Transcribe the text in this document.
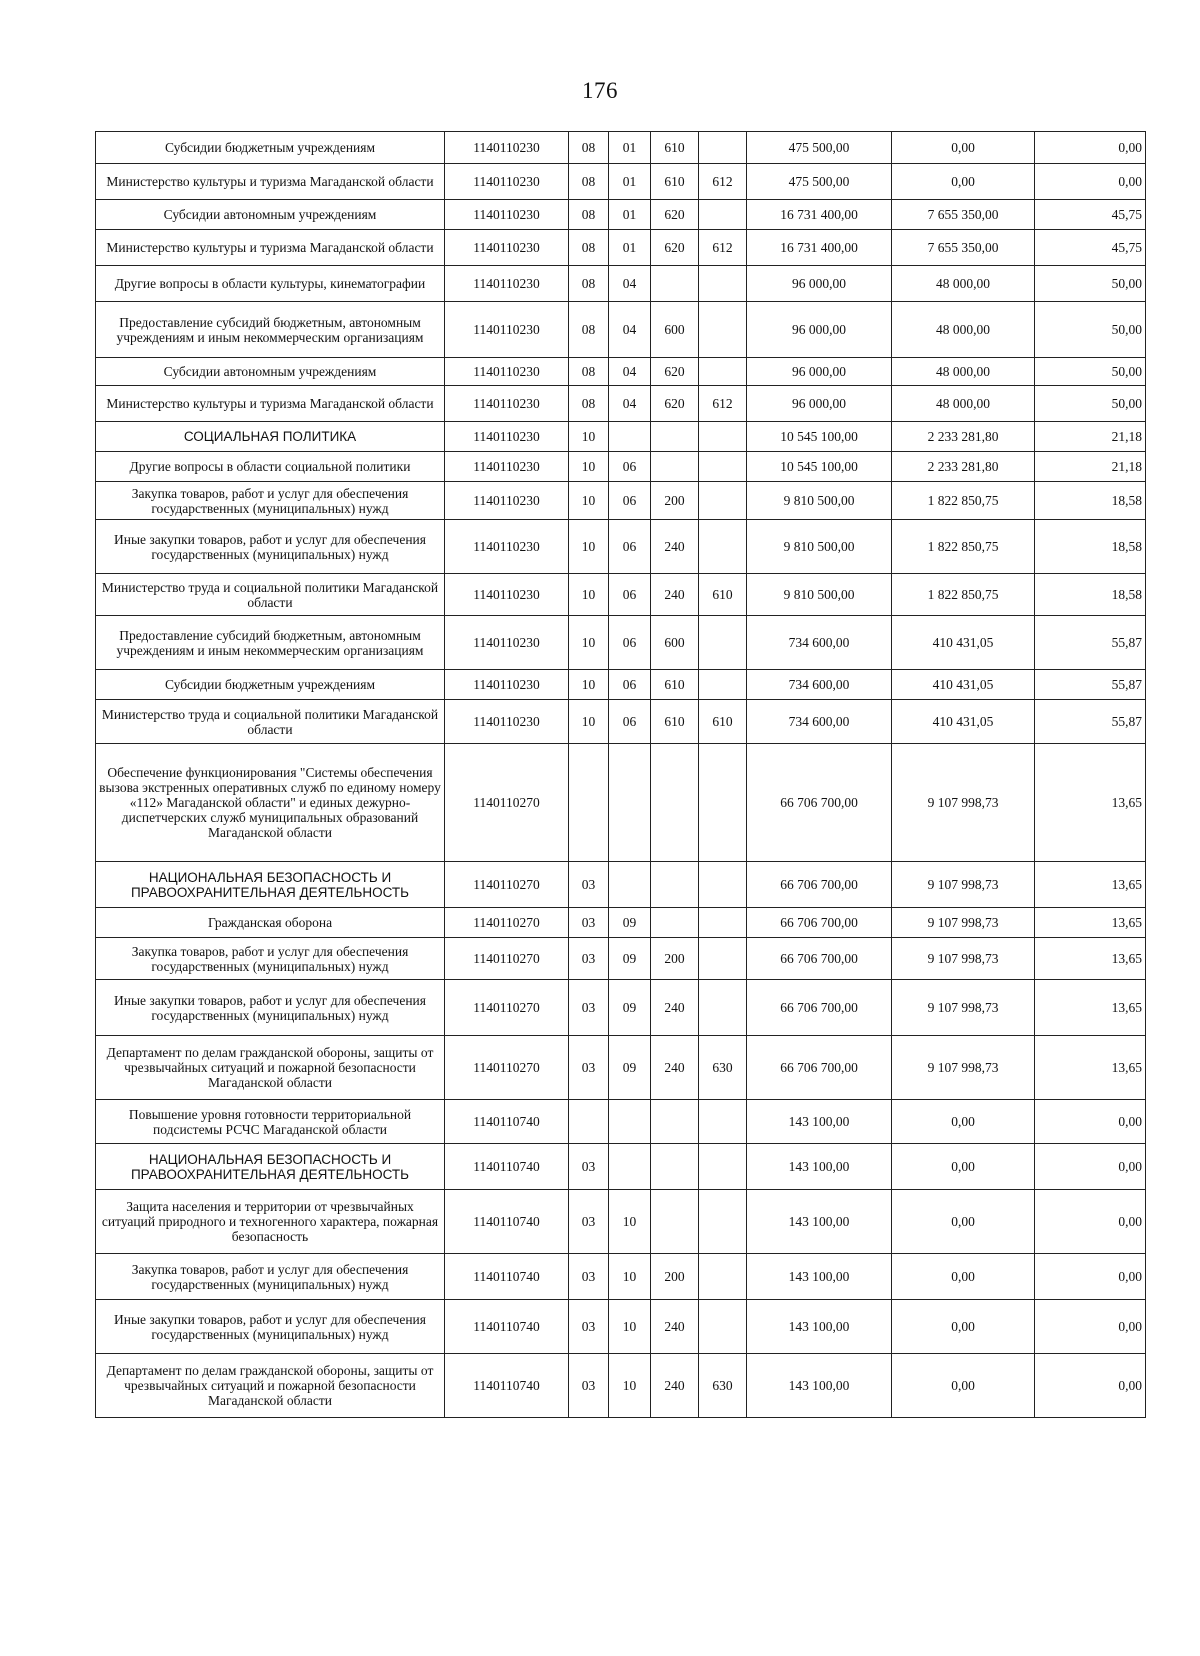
176
Субсидии бюджетным учреждениям	1140110230	08	01	610		475 500,00	0,00	0,00
Министерство культуры и туризма Магаданской области	1140110230	08	01	610	612	475 500,00	0,00	0,00
Субсидии автономным учреждениям	1140110230	08	01	620		16 731 400,00	7 655 350,00	45,75
Министерство культуры и туризма Магаданской области	1140110230	08	01	620	612	16 731 400,00	7 655 350,00	45,75
Другие вопросы в области культуры, кинематографии	1140110230	08	04			96 000,00	48 000,00	50,00
Предоставление субсидий бюджетным, автономным учреждениям и иным некоммерческим организациям	1140110230	08	04	600		96 000,00	48 000,00	50,00
Субсидии автономным учреждениям	1140110230	08	04	620		96 000,00	48 000,00	50,00
Министерство культуры и туризма Магаданской области	1140110230	08	04	620	612	96 000,00	48 000,00	50,00
СОЦИАЛЬНАЯ ПОЛИТИКА	1140110230	10				10 545 100,00	2 233 281,80	21,18
Другие вопросы в области социальной политики	1140110230	10	06			10 545 100,00	2 233 281,80	21,18
Закупка товаров, работ и услуг для обеспечения государственных (муниципальных) нужд	1140110230	10	06	200		9 810 500,00	1 822 850,75	18,58
Иные закупки товаров, работ и услуг для обеспечения государственных (муниципальных) нужд	1140110230	10	06	240		9 810 500,00	1 822 850,75	18,58
Министерство труда и социальной политики Магаданской области	1140110230	10	06	240	610	9 810 500,00	1 822 850,75	18,58
Предоставление субсидий бюджетным, автономным учреждениям и иным некоммерческим организациям	1140110230	10	06	600		734 600,00	410 431,05	55,87
Субсидии бюджетным учреждениям	1140110230	10	06	610		734 600,00	410 431,05	55,87
Министерство труда и социальной политики Магаданской области	1140110230	10	06	610	610	734 600,00	410 431,05	55,87
Обеспечение функционирования "Системы обеспечения вызова экстренных оперативных служб по единому номеру «112» Магаданской области" и единых дежурно-диспетчерских служб муниципальных образований Магаданской области	1140110270					66 706 700,00	9 107 998,73	13,65
НАЦИОНАЛЬНАЯ БЕЗОПАСНОСТЬ И ПРАВООХРАНИТЕЛЬНАЯ ДЕЯТЕЛЬНОСТЬ	1140110270	03				66 706 700,00	9 107 998,73	13,65
Гражданская оборона	1140110270	03	09			66 706 700,00	9 107 998,73	13,65
Закупка товаров, работ и услуг для обеспечения государственных (муниципальных) нужд	1140110270	03	09	200		66 706 700,00	9 107 998,73	13,65
Иные закупки товаров, работ и услуг для обеспечения государственных (муниципальных) нужд	1140110270	03	09	240		66 706 700,00	9 107 998,73	13,65
Департамент по делам гражданской обороны, защиты от чрезвычайных ситуаций и пожарной безопасности Магаданской области	1140110270	03	09	240	630	66 706 700,00	9 107 998,73	13,65
Повышение уровня готовности территориальной подсистемы РСЧС Магаданской области	1140110740					143 100,00	0,00	0,00
НАЦИОНАЛЬНАЯ БЕЗОПАСНОСТЬ И ПРАВООХРАНИТЕЛЬНАЯ ДЕЯТЕЛЬНОСТЬ	1140110740	03				143 100,00	0,00	0,00
Защита населения и территории от чрезвычайных ситуаций природного и техногенного характера, пожарная безопасность	1140110740	03	10			143 100,00	0,00	0,00
Закупка товаров, работ и услуг для обеспечения государственных (муниципальных) нужд	1140110740	03	10	200		143 100,00	0,00	0,00
Иные закупки товаров, работ и услуг для обеспечения государственных (муниципальных) нужд	1140110740	03	10	240		143 100,00	0,00	0,00
Департамент по делам гражданской обороны, защиты от чрезвычайных ситуаций и пожарной безопасности Магаданской области	1140110740	03	10	240	630	143 100,00	0,00	0,00
